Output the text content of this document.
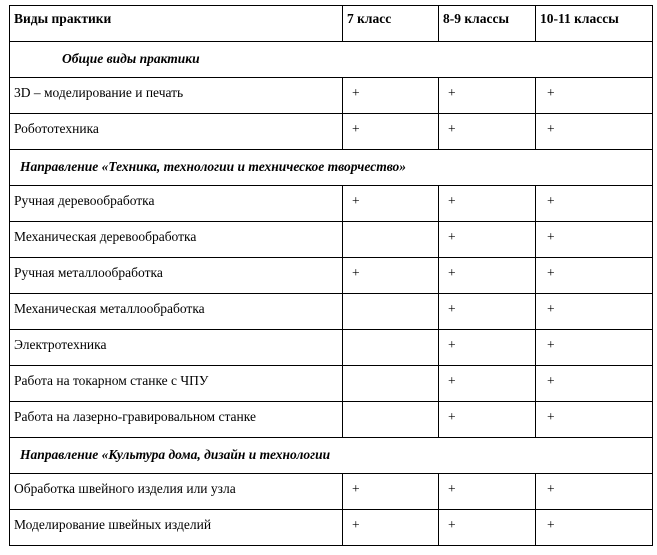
Виды практики	7 класс	8-9 классы	10-11 классы
Общие виды практики			
3D – моделирование и печать	+	+	+
Робототехника	+	+	+
Направление «Техника, технологии и техническое творчество»			
Ручная деревообработка	+	+	+
Механическая деревообработка		+	+
Ручная металлообработка	+	+	+
Механическая металлообработка		+	+
Электротехника		+	+
Работа на токарном станке с ЧПУ		+	+
Работа на лазерно-гравировальном станке		+	+
Направление «Культура дома, дизайн и технологии			
Обработка швейного изделия или узла	+	+	+
Моделирование швейных изделий	+	+	+
